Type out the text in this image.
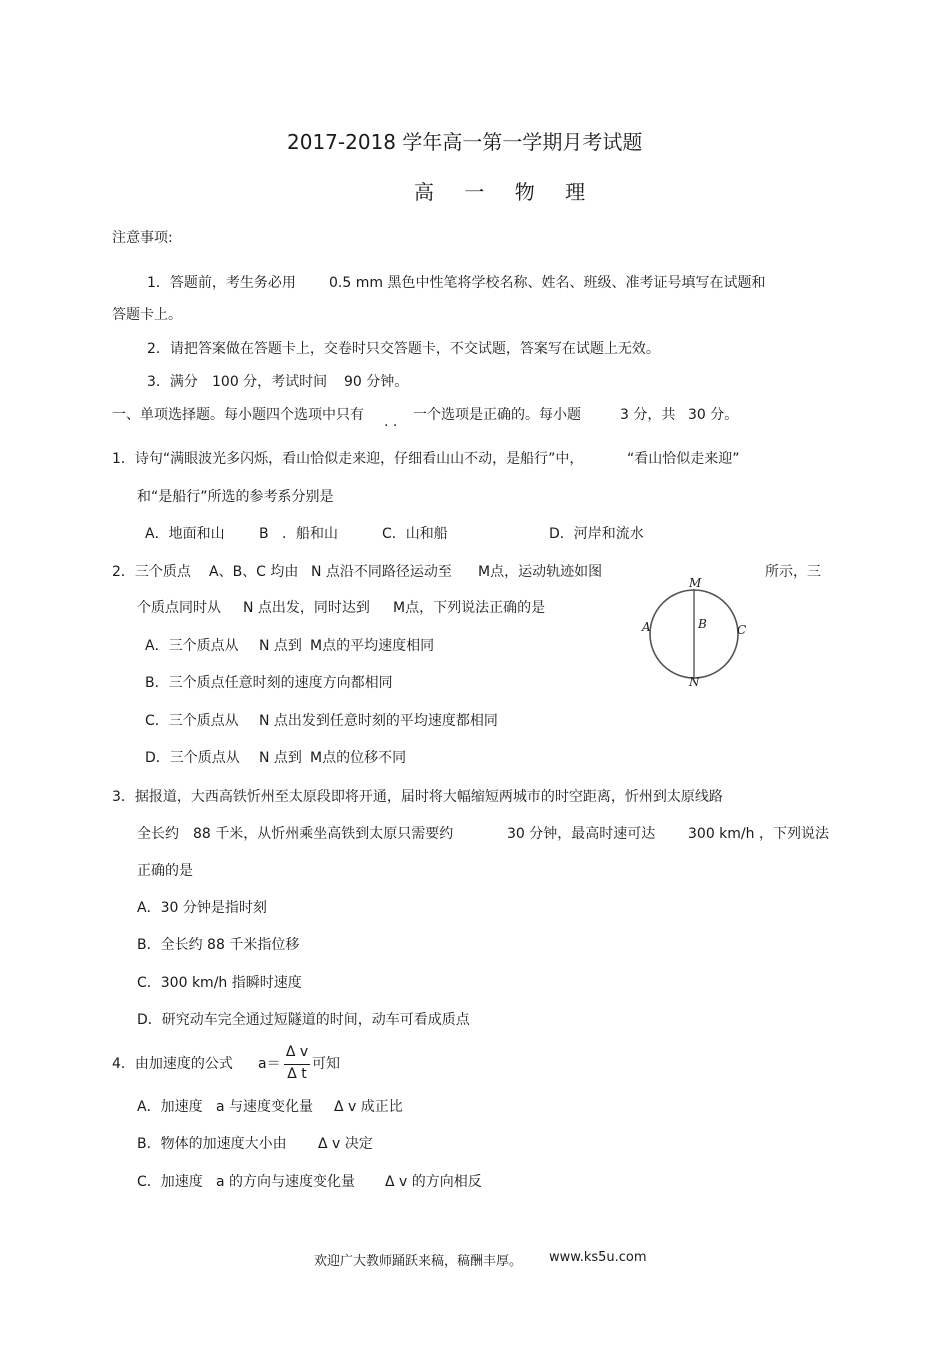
2017-2018 学年高一第一学期月考试题
高 一 物 理
注意事项:
1．答题前，考生务必用 0.5 mm 黑色中性笔将学校名称、姓名、班级、准考证号填写在试题和
答题卡上。
2．请把答案做在答题卡上，交卷时只交答题卡，不交试题，答案写在试题上无效。
3．满分 100 分，考试时间 90 分钟。
一、单项选择题。每小题四个选项中只有 . . 一个选项是正确的。每小题	3 分，共 30 分。
1．诗句“满眼波光多闪烁，看山恰似走来迎，仔细看山山不动，是船行”中，	“看山恰似走来迎”
和“是船行”所选的参考系分别是
A．地面和山 B ．船和山	C．山和船	D．河岸和流水
2．三个质点 A、B、C 均由 N 点沿不同路径运动至 M点，运动轨迹如图	所示，三
个质点同时从 N 点出发，同时达到 M点，下列说法正确的是
A．三个质点从 N 点到 M点的平均速度相同
B．三个质点任意时刻的速度方向都相同
C．三个质点从 N 点出发到任意时刻的平均速度都相同
D．三个质点从 N 点到 M点的位移不同
M
N
A	B	C
3．据报道，大西高铁忻州至太原段即将开通，届时将大幅缩短两城市的时空距离，忻州到太原线路
全长约 88 千米，从忻州乘坐高铁到太原只需要约	30 分钟，最高时速可达 300 km/h ，下列说法
正确的是
A．30 分钟是指时刻
B．全长约 88 千米指位移
C．300 km/h 指瞬时速度
D．研究动车完全通过短隧道的时间，动车可看成质点
4．由加速度的公式 a＝
Δ v
Δ t
可知
A．加速度 a 与速度变化量 Δ v 成正比
B．物体的加速度大小由 Δ v 决定
C．加速度 a 的方向与速度变化量 Δ v 的方向相反
欢迎广大教师踊跃来稿，稿酬丰厚。 www.ks5u.com
